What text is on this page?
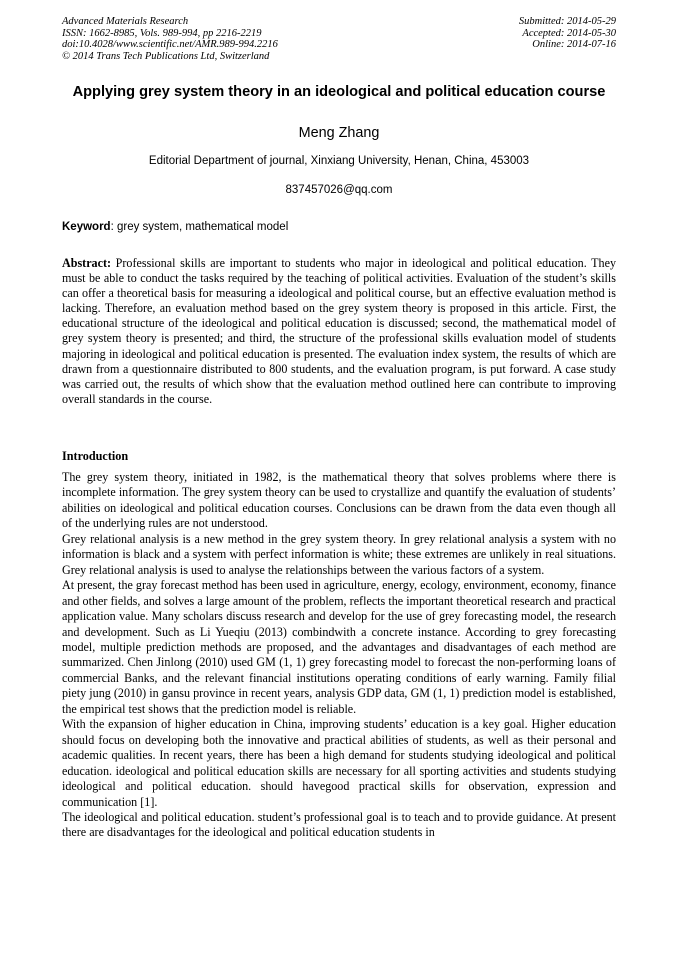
Advanced Materials Research
ISSN: 1662-8985, Vols. 989-994, pp 2216-2219
doi:10.4028/www.scientific.net/AMR.989-994.2216
© 2014 Trans Tech Publications Ltd, Switzerland
Submitted: 2014-05-29
Accepted: 2014-05-30
Online: 2014-07-16
Applying grey system theory in an ideological and political education course
Meng Zhang
Editorial Department of journal, Xinxiang University, Henan, China, 453003
837457026@qq.com
Keyword: grey system, mathematical model

Abstract: Professional skills are important to students who major in ideological and political education. They must be able to conduct the tasks required by the teaching of political activities. Evaluation of the student’s skills can offer a theoretical basis for measuring a ideological and political course, but an effective evaluation method is lacking. Therefore, an evaluation method based on the grey system theory is proposed in this article. First, the educational structure of the ideological and political education is discussed; second, the mathematical model of grey system theory is presented; and third, the structure of the professional skills evaluation model of students majoring in ideological and political education is presented. The evaluation index system, the results of which are drawn from a questionnaire distributed to 800 students, and the evaluation program, is put forward. A case study was carried out, the results of which show that the evaluation method outlined here can contribute to improving overall standards in the course.

Introduction

The grey system theory, initiated in 1982, is the mathematical theory that solves problems where there is incomplete information. The grey system theory can be used to crystallize and quantify the evaluation of students’ abilities on ideological and political education courses. Conclusions can be drawn from the data even though all of the underlying rules are not understood.

Grey relational analysis is a new method in the grey system theory. In grey relational analysis a system with no information is black and a system with perfect information is white; these extremes are unlikely in real situations. Grey relational analysis is used to analyse the relationships between the various factors of a system.

At present, the gray forecast method has been used in agriculture, energy, ecology, environment, economy, finance and other fields, and solves a large amount of the problem, reflects the important theoretical research and practical application value. Many scholars discuss research and develop for the use of grey forecasting model, the research and development. Such as Li Yueqiu (2013) combindwith a concrete instance. According to grey forecasting model, multiple prediction methods are proposed, and the advantages and disadvantages of each method are summarized. Chen Jinlong (2010) used GM (1, 1) grey forecasting model to forecast the non-performing loans of commercial Banks, and the relevant financial institutions operating conditions of early warning. Family filial piety jung (2010) in gansu province in recent years, analysis GDP data, GM (1, 1) prediction model is established, the empirical test shows that the prediction model is reliable.

With the expansion of higher education in China, improving students’ education is a key goal. Higher education should focus on developing both the innovative and practical abilities of students, as well as their personal and academic qualities. In recent years, there has been a high demand for students studying ideological and political education. ideological and political education skills are necessary for all sporting activities and students studying ideological and political education. should havegood practical skills for observation, expression and communication [1].

The ideological and political education. student’s professional goal is to teach and to provide guidance. At present there are disadvantages for the ideological and political education students in
